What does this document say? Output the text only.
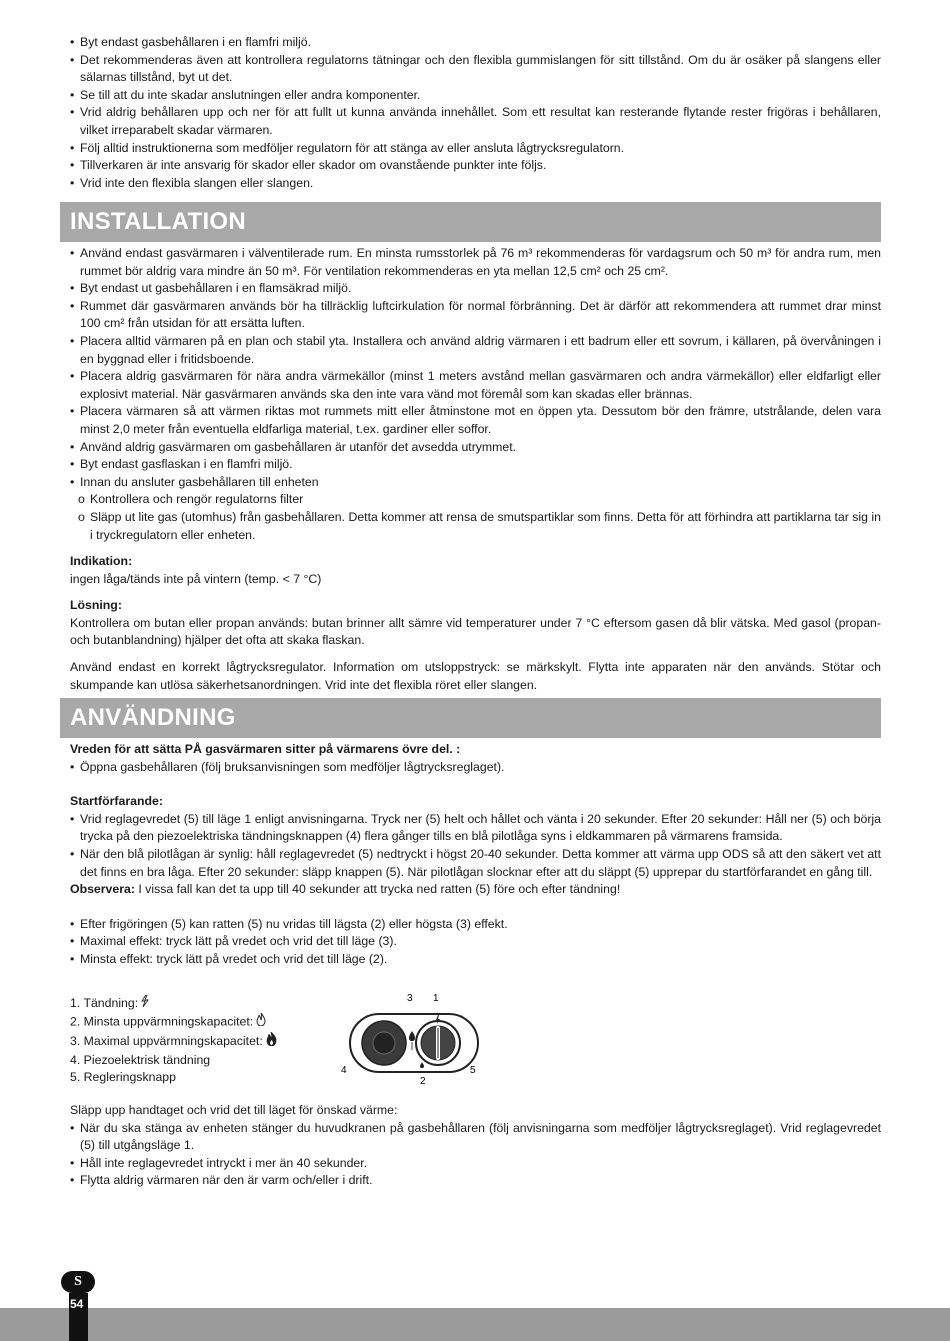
• Byt endast gasbehållaren i en flamfri miljö.
• Det rekommenderas även att kontrollera regulatorns tätningar och den flexibla gummislangen för sitt tillstånd. Om du är osäker på slangens eller sälarnas tillstånd, byt ut det.
• Se till att du inte skadar anslutningen eller andra komponenter.
• Vrid aldrig behållaren upp och ner för att fullt ut kunna använda innehållet. Som ett resultat kan resterande flytande rester frigöras i behållaren, vilket irreparabelt skadar värmaren.
• Följ alltid instruktionerna som medföljer regulatorn för att stänga av eller ansluta lågtrycksregulatorn.
• Tillverkaren är inte ansvarig för skador eller skador om ovanstående punkter inte följs.
• Vrid inte den flexibla slangen eller slangen.
INSTALLATION
• Använd endast gasvärmaren i välventilerade rum. En minsta rumsstorlek på 76 m³ rekommenderas för vardagsrum och 50 m³ för andra rum, men rummet bör aldrig vara mindre än 50 m³. För ventilation rekommenderas en yta mellan 12,5 cm² och 25 cm².
• Byt endast ut gasbehållaren i en flamsäkrad miljö.
• Rummet där gasvärmaren används bör ha tillräcklig luftcirkulation för normal förbränning. Det är därför att rekommendera att rummet drar minst 100 cm² från utsidan för att ersätta luften.
• Placera alltid värmaren på en plan och stabil yta. Installera och använd aldrig värmaren i ett badrum eller ett sovrum, i källaren, på övervåningen i en byggnad eller i fritidsboende.
• Placera aldrig gasvärmaren för nära andra värmekällor (minst 1 meters avstånd mellan gasvärmaren och andra värmekällor) eller eldfarligt eller explosivt material. När gasvärmaren används ska den inte vara vänd mot föremål som kan skadas eller brännas.
• Placera värmaren så att värmen riktas mot rummets mitt eller åtminstone mot en öppen yta. Dessutom bör den främre, utstrålande, delen vara minst 2,0 meter från eventuella eldfarliga material, t.ex. gardiner eller soffor.
• Använd aldrig gasvärmaren om gasbehållaren är utanför det avsedda utrymmet.
• Byt endast gasflaskan i en flamfri miljö.
• Innan du ansluter gasbehållaren till enheten
o Kontrollera och rengör regulatorns filter
o Släpp ut lite gas (utomhus) från gasbehållaren. Detta kommer att rensa de smutspartiklar som finns. Detta för att förhindra att partiklarna tar sig in i tryckregulatorn eller enheten.
Indikation:
ingen låga/tänds inte på vintern (temp. < 7 °C)
Lösning:

Kontrollera om butan eller propan används: butan brinner allt sämre vid temperaturer under 7 °C eftersom gasen då blir vätska. Med gasol (propan- och butanblandning) hjälper det ofta att skaka flaskan.

Använd endast en korrekt lågtrycksregulator. Information om utsloppstryck: se märkskylt. Flytta inte apparaten när den används. Stötar och skumpande kan utlösa säkerhetsanordningen. Vrid inte det flexibla röret eller slangen.

ANVÄNDNING
Vreden för att sätta PÅ gasvärmaren sitter på värmarens övre del. :
• Öppna gasbehållaren (följ bruksanvisningen som medföljer lågtrycksreglaget).
Startförfarande:
• Vrid reglagevredet (5) till läge 1 enligt anvisningarna. Tryck ner (5) helt och hållet och vänta i 20 sekunder. Efter 20 sekunder: Håll ner (5) och börja trycka på den piezoelektriska tändningsknappen (4) flera gånger tills en blå pilotlåga syns i eldkammaren på värmarens framsida.
• När den blå pilotlågan är synlig: håll reglagevredet (5) nedtryckt i högst 20-40 sekunder. Detta kommer att värma upp ODS så att den säkert vet att det finns en bra låga. Efter 20 sekunder: släpp knappen (5). När pilotlågan slocknar efter att du släppt (5) upprepar du startförfarandet en gång till.
Observera: I vissa fall kan det ta upp till 40 sekunder att trycka ned ratten (5) före och efter tändning!
• Efter frigöringen (5) kan ratten (5) nu vridas till lägsta (2) eller högsta (3) effekt.
• Maximal effekt: tryck lätt på vredet och vrid det till läge (3).
• Minsta effekt: tryck lätt på vredet och vrid det till läge (2).
1. Tändning:
2. Minsta uppvärmningskapacitet:
3. Maximal uppvärmningskapacitet:
4. Piezoelektrisk tändning
5. Regleringsknapp
3 1
4	5
2
Släpp upp handtaget och vrid det till läget för önskad värme:
• När du ska stänga av enheten stänger du huvudkranen på gasbehållaren (följ anvisningarna som medföljer lågtrycksreglaget). Vrid reglagevredet (5) till utgångsläge 1.
• Håll inte reglagevredet intryckt i mer än 40 sekunder.
• Flytta aldrig värmaren när den är varm och/eller i drift.
S
54
